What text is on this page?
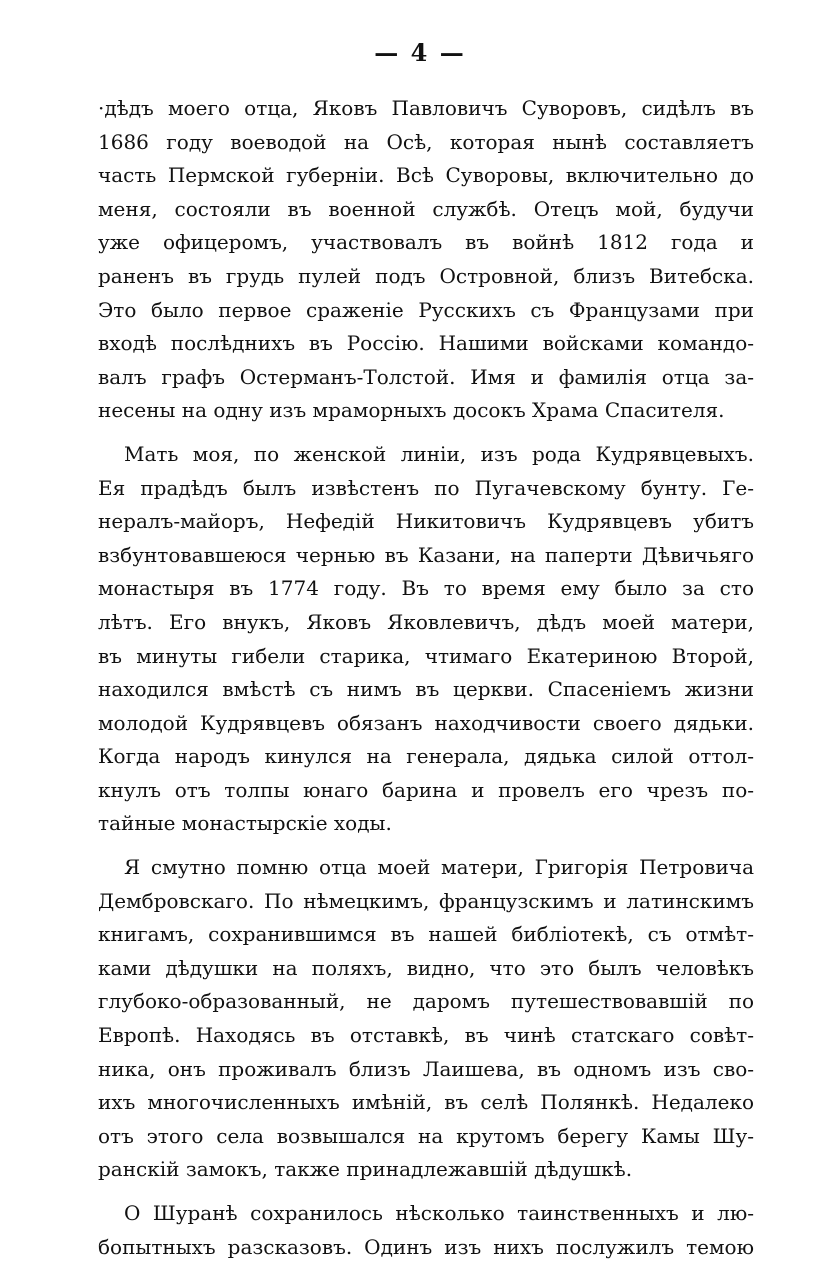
— 4 —
·дѣдъ моего отца, Яковъ Павловичъ Суворовъ, сидѣлъ въ
1686 году воеводой на Осѣ, которая нынѣ составляетъ
часть Пермской губерніи. Всѣ Суворовы, включительно до
меня, состояли въ военной службѣ. Отецъ мой, будучи
уже офицеромъ, участвовалъ въ войнѣ 1812 года и
раненъ въ грудь пулей подъ Островной, близъ Витебска.
Это было первое сраженіе Русскихъ съ Французами при
входѣ послѣднихъ въ Россію. Нашими войсками командо-
валъ графъ Остерманъ-Толстой. Имя и фамилія отца за-
несены на одну изъ мраморныхъ досокъ Храма Спасителя.
Мать моя, по женской линіи, изъ рода Кудрявцевыхъ.
Ея прадѣдъ былъ извѣстенъ по Пугачевскому бунту. Ге-
нералъ-майоръ, Нефедій Никитовичъ Кудрявцевъ убитъ
взбунтовавшеюся чернью въ Казани, на паперти Дѣвичьяго
монастыря въ 1774 году. Въ то время ему было за сто
лѣтъ. Его внукъ, Яковъ Яковлевичъ, дѣдъ моей матери,
въ минуты гибели старика, чтимаго Екатериною Второй,
находился вмѣстѣ съ нимъ въ церкви. Спасеніемъ жизни
молодой Кудрявцевъ обязанъ находчивости своего дядьки.
Когда народъ кинулся на генерала, дядька силой оттол-
кнулъ отъ толпы юнаго барина и провелъ его чрезъ по-
тайные монастырскіе ходы.
Я смутно помню отца моей матери, Григорія Петровича
Дембровскаго. По нѣмецкимъ, французскимъ и латинскимъ
книгамъ, сохранившимся въ нашей библіотекѣ, съ отмѣт-
ками дѣдушки на поляхъ, видно, что это былъ человѣкъ
глубоко-образованный, не даромъ путешествовавшій по
Европѣ. Находясь въ отставкѣ, въ чинѣ статскаго совѣт-
ника, онъ проживалъ близъ Лаишева, въ одномъ изъ сво-
ихъ многочисленныхъ имѣній, въ селѣ Полянкѣ. Недалеко
отъ этого села возвышался на крутомъ берегу Камы Шу-
ранскій замокъ, также принадлежавшій дѣдушкѣ.
О Шуранѣ сохранилось нѣсколько таинственныхъ и лю-
бопытныхъ разсказовъ. Одинъ изъ нихъ послужилъ темою
